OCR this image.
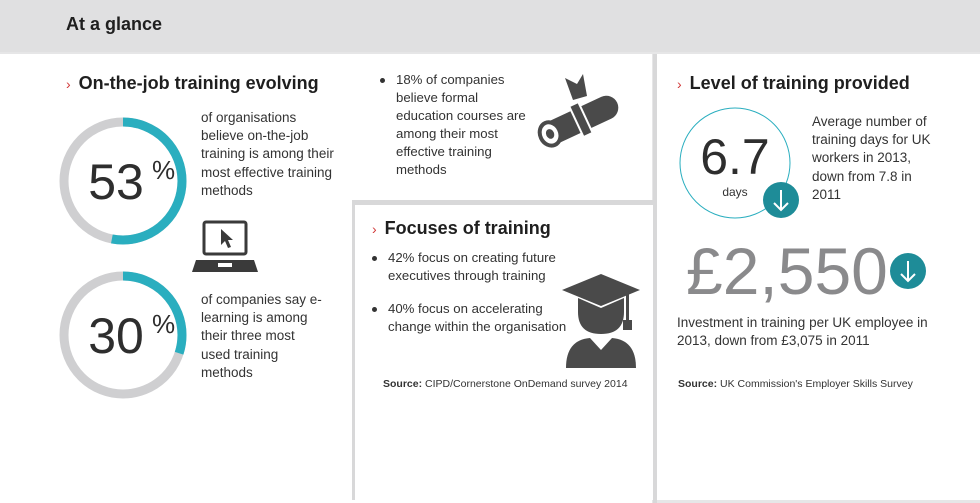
At a glance
› On-the-job training evolving
53 %
of organisations believe on-the-job training is among their most effective training methods
30 %
of companies say e-learning is among their three most used training methods
18% of companies believe formal education courses are among their most effective training methods
› Focuses of training
42% focus on creating future executives through training
40% focus on accelerating change within the organisation
Source: CIPD/Cornerstone OnDemand survey 2014
› Level of training provided
6.7
days
Average number of training days for UK workers in 2013, down from 7.8 in 2011
£2,550
Investment in training per UK employee in 2013, down from £3,075 in 2011
Source: UK Commission's Employer Skills Survey
